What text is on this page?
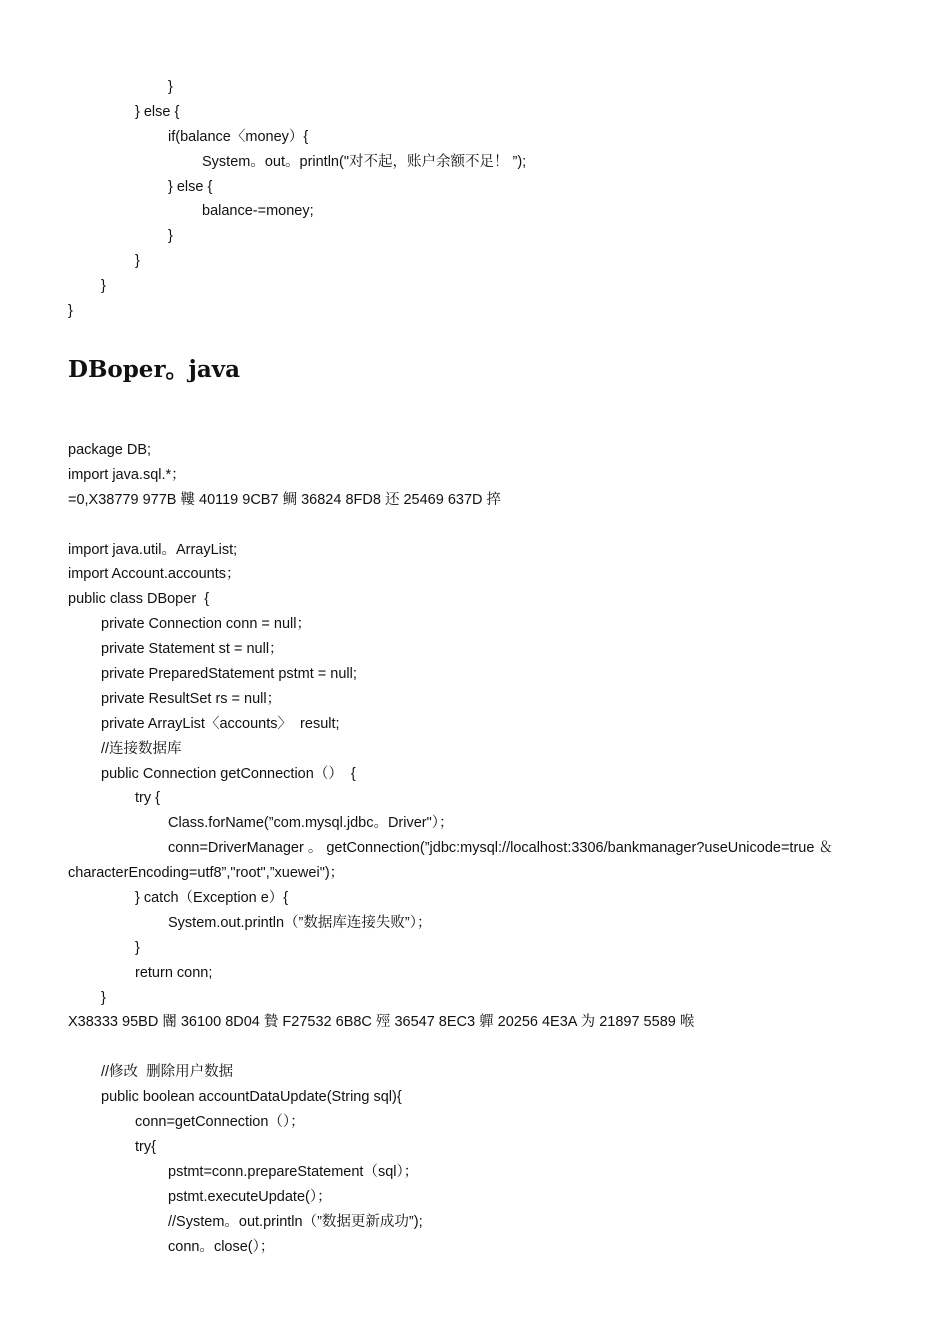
}
} else {
if(balance〈money）{
System。out。println("对不起，账户余额不足！ ”);
} else {
balance-=money;
}
}
}
}
DBoper。java
package DB;
import java.sql.*；
=0,X38779 977B 鞻 40119 9CB7 鲷 36824 8FD8 还 25469 637D 捽
import java.util。ArrayList;
import Account.accounts；
public class DBoper  {
private Connection conn = null；
private Statement st = null；
private PreparedStatement pstmt = null;
private ResultSet rs = null；
private ArrayList〈accounts〉  result;
//连接数据库
public Connection getConnection（）  {
try {
Class.forName(”com.mysql.jdbc。Driver"）；
conn=DriverManager 。 getConnection(”jdbc:mysql://localhost:3306/bankmanager?useUnicode=true ＆
characterEncoding=utf8”,"root",”xuewei")；
} catch（Exception e）{
System.out.println（”数据库连接失败”）；
}
return conn;
}
X38333 95BD 閽 36100 8D04 贄 F27532 6B8C 殌 36547 8EC3 軃 20256 4E3A 为 21897 5589 喉
//修改  删除用户数据
public boolean accountDataUpdate(String sql){
conn=getConnection（）；
try{
pstmt=conn.prepareStatement（sql）；
pstmt.executeUpdate(）；
//System。out.println（”数据更新成功”);
conn。close(）；
